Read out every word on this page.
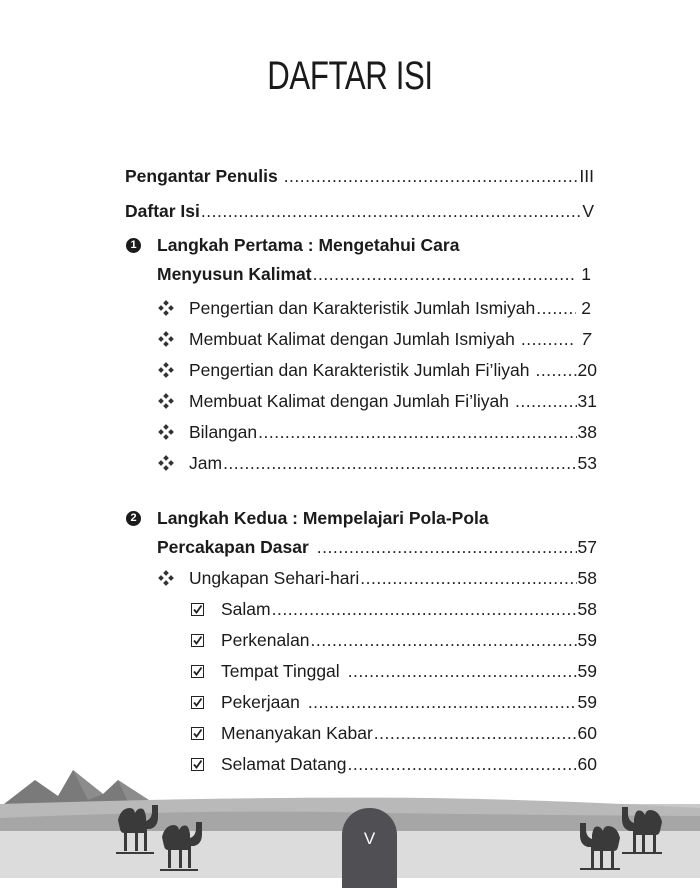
DAFTAR ISI
Pengantar Penulis .....	III
Daftar Isi .....	V
1 Langkah Pertama : Mengetahui Cara
Menyusun Kalimat .....	1
Pengertian dan Karakteristik Jumlah Ismiyah .....	2
Membuat Kalimat dengan Jumlah Ismiyah .....	7
Pengertian dan Karakteristik Jumlah Fi’liyah .....	20
Membuat Kalimat dengan Jumlah Fi’liyah .....	31
Bilangan .....	38
Jam .....	53
2 Langkah Kedua : Mempelajari Pola-Pola
Percakapan Dasar .....	57
Ungkapan Sehari-hari .....	58
Salam .....	58
Perkenalan .....	59
Tempat Tinggal .....	59
Pekerjaan .....	59
Menanyakan Kabar .....	60
Selamat Datang .....	60
V
